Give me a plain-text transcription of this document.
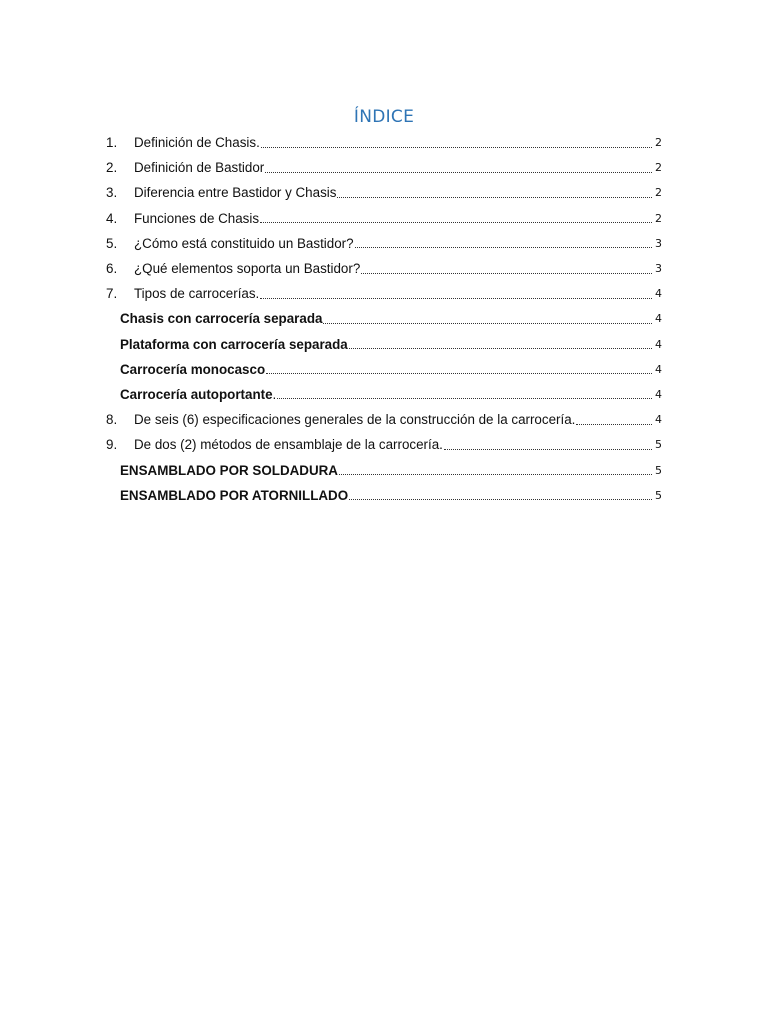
ÍNDICE
1.	Definición de Chasis.	2
2.	Definición de Bastidor	2
3.	Diferencia entre Bastidor y Chasis	2
4.	Funciones de Chasis	2
5.	¿Cómo está constituido un Bastidor?	3
6.	¿Qué elementos soporta un Bastidor?	3
7.	Tipos de carrocerías.	4
Chasis con carrocería separada	4
Plataforma con carrocería separada	4
Carrocería monocasco	4
Carrocería autoportante .	4
8.	De seis (6) especificaciones generales de la construcción de la carrocería.	4
9.	De dos (2) métodos de ensamblaje de la carrocería.	5
ENSAMBLADO POR SOLDADURA	5
ENSAMBLADO POR ATORNILLADO	5
